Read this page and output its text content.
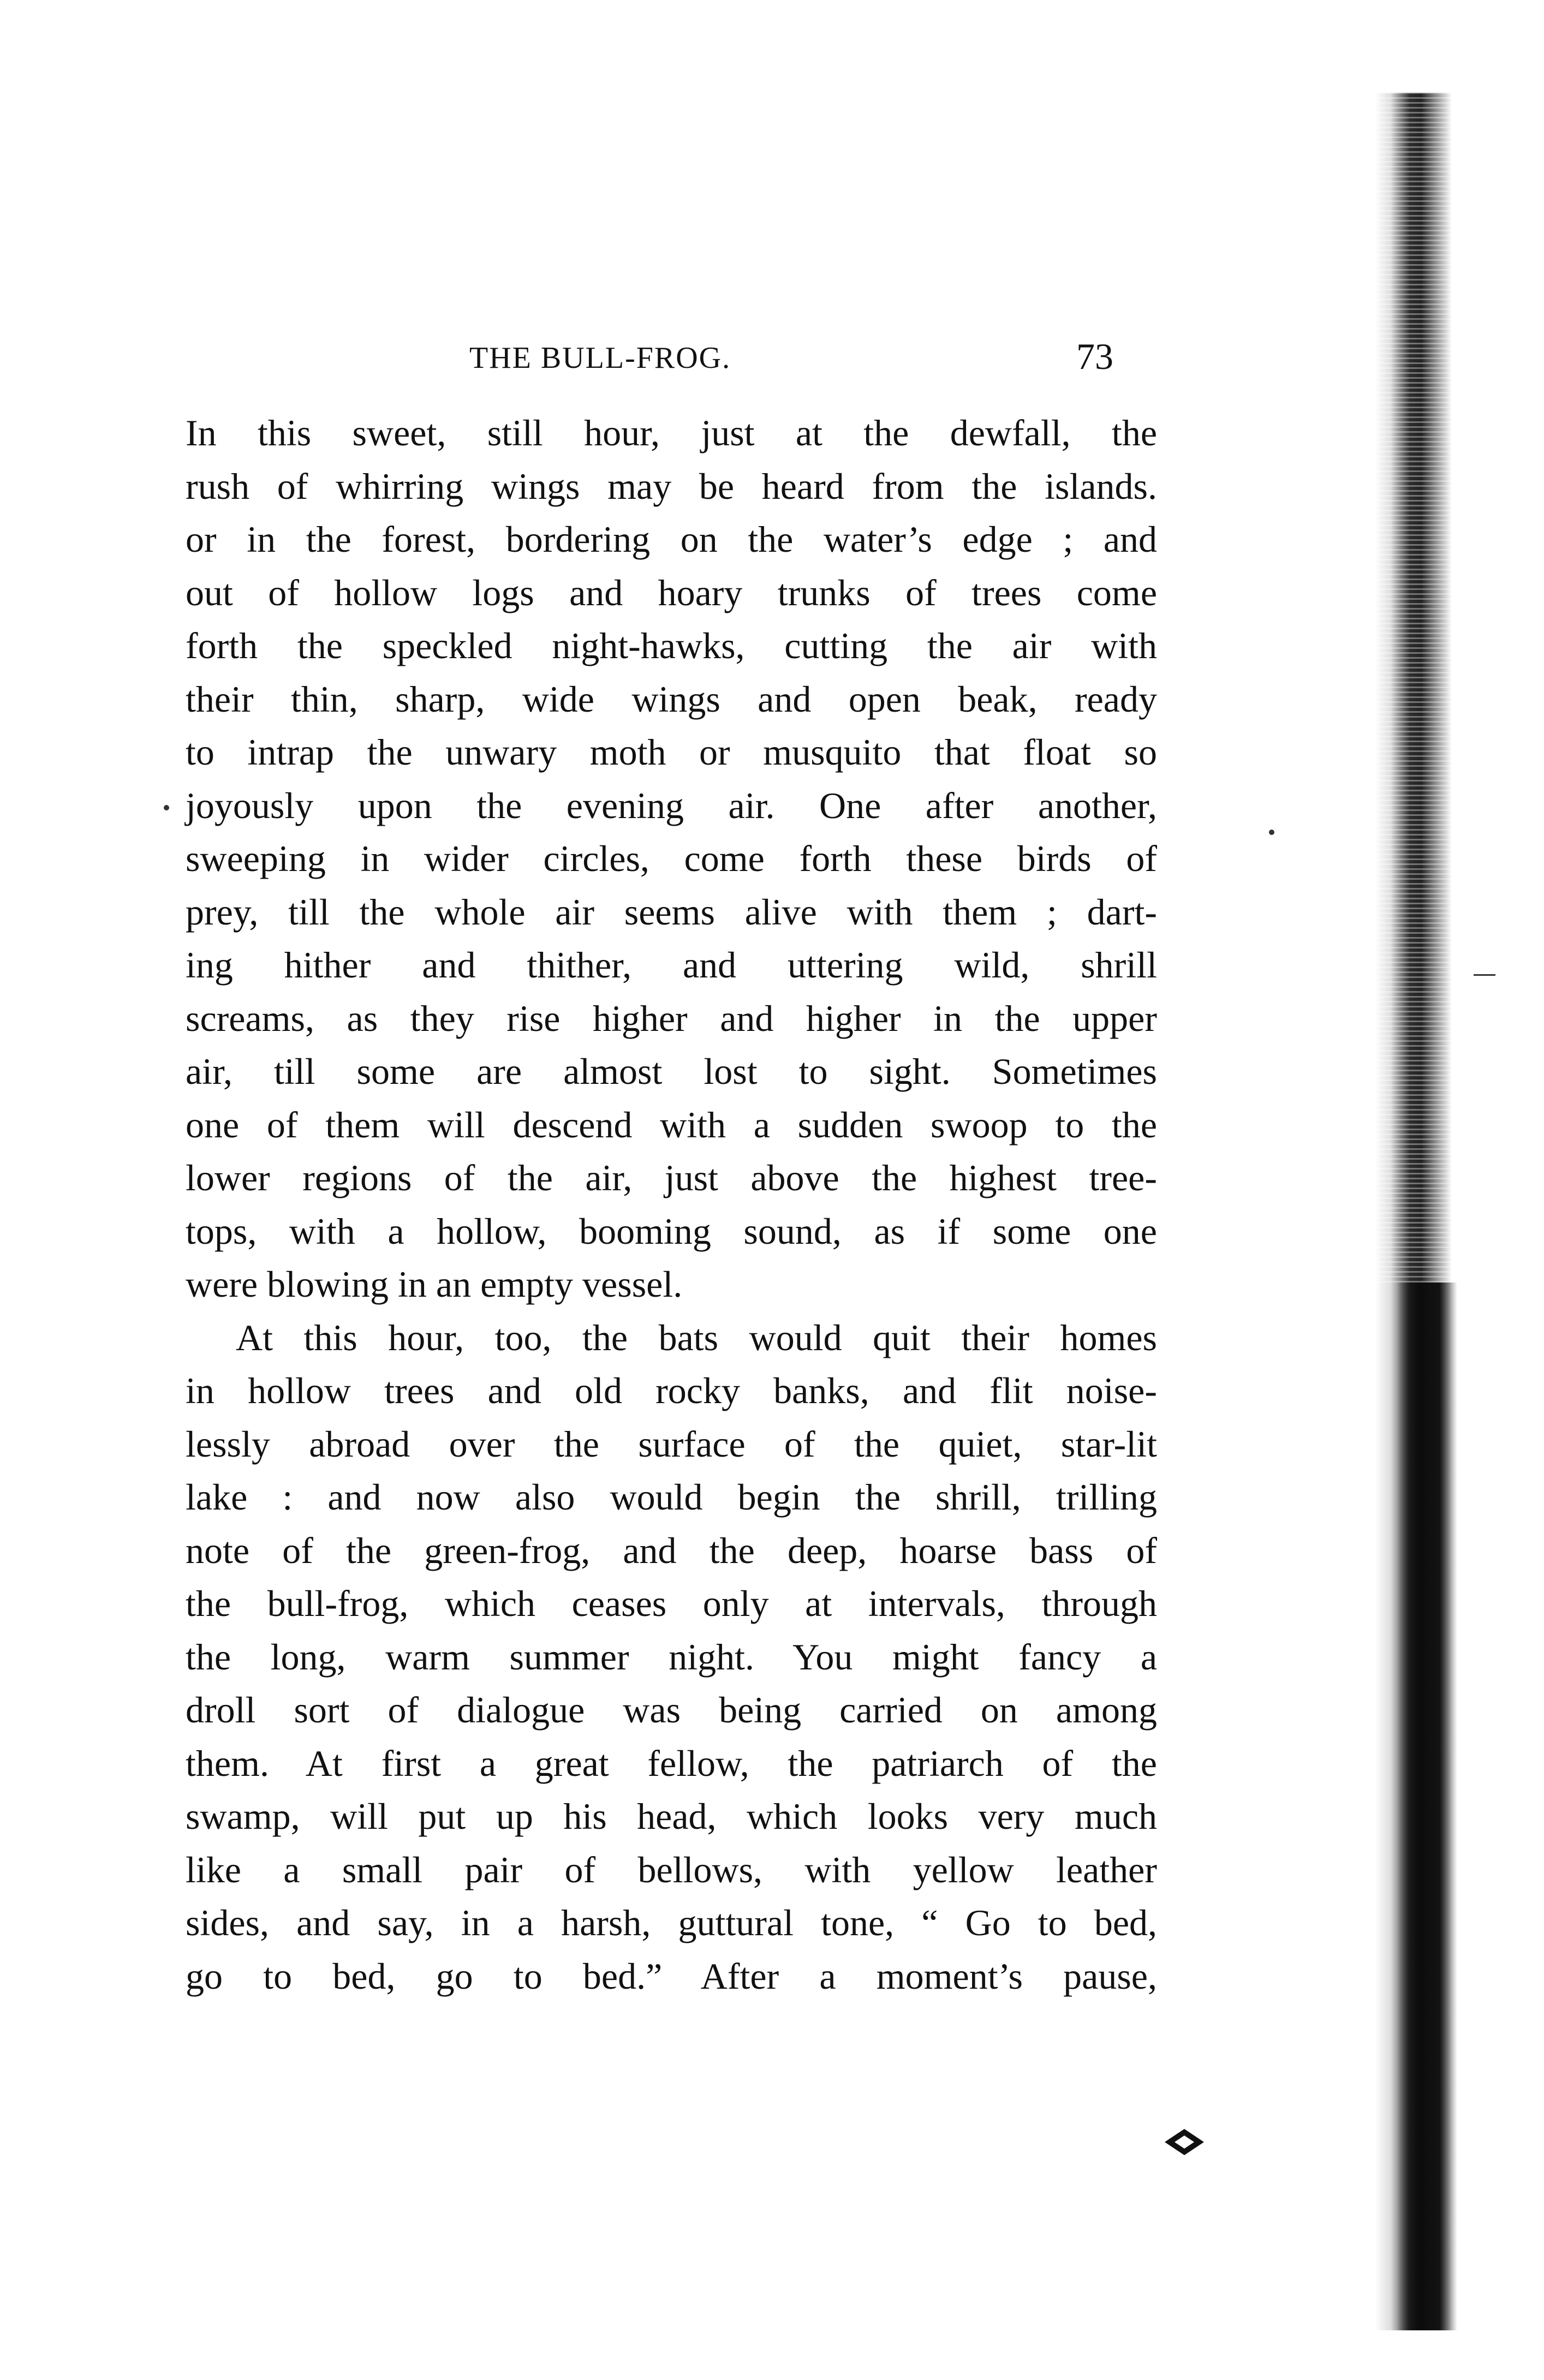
THE BULL-FROG.	73
In this sweet, still hour, just at the dewfall, the
rush of whirring wings may be heard from the islands.
or in the forest, bordering on the water’s edge ; and
out of hollow logs and hoary trunks of trees come
forth the speckled night-hawks, cutting the air with
their thin, sharp, wide wings and open beak, ready
to intrap the unwary moth or musquito that float so
joyously upon the evening air. One after another,
sweeping in wider circles, come forth these birds of
prey, till the whole air seems alive with them ; dart-
ing hither and thither, and uttering wild, shrill
screams, as they rise higher and higher in the upper
air, till some are almost lost to sight. Sometimes
one of them will descend with a sudden swoop to the
lower regions of the air, just above the highest tree-
tops, with a hollow, booming sound, as if some one
were blowing in an empty vessel.
At this hour, too, the bats would quit their homes
in hollow trees and old rocky banks, and flit noise-
lessly abroad over the surface of the quiet, star-lit
lake : and now also would begin the shrill, trilling
note of the green-frog, and the deep, hoarse bass of
the bull-frog, which ceases only at intervals, through
the long, warm summer night. You might fancy a
droll sort of dialogue was being carried on among
them. At first a great fellow, the patriarch of the
swamp, will put up his head, which looks very much
like a small pair of bellows, with yellow leather
sides, and say, in a harsh, guttural tone, “ Go to bed,
go to bed, go to bed.” After a moment’s pause,
